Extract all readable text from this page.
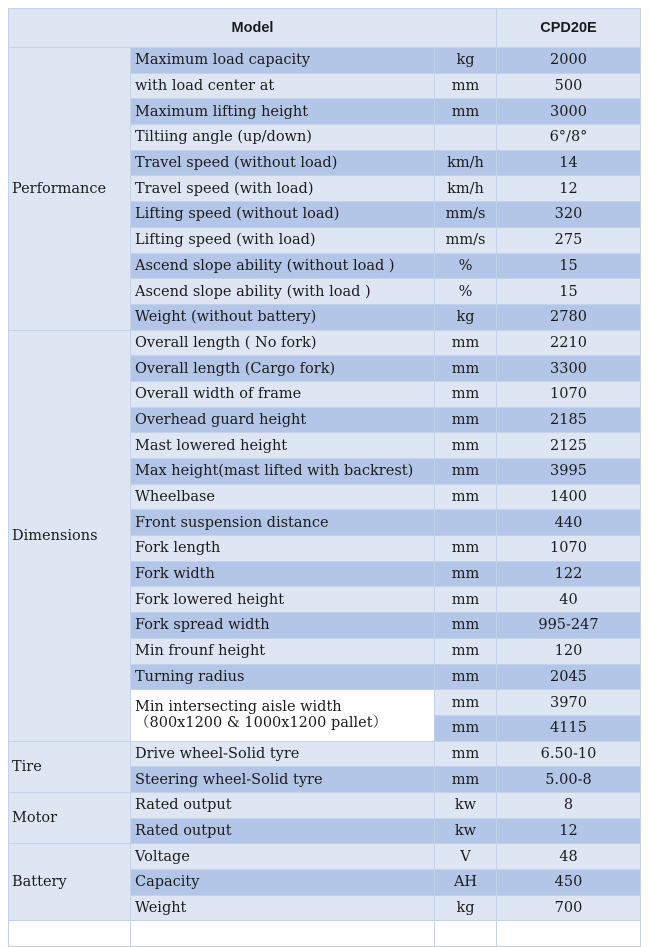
Model			CPD20E
Performance	Maximum load capacity	kg	2000
	with load center at	mm	500
	Maximum lifting height	mm	3000
	Tiltiing angle (up/down)		6°/8°
	Travel speed (without load)	km/h	14
	Travel speed (with load)	km/h	12
	Lifting speed (without load)	mm/s	320
	Lifting speed (with load)	mm/s	275
	Ascend slope ability (without load )	%	15
	Ascend slope ability (with load )	%	15
	Weight (without battery)	kg	2780
Dimensions	Overall length ( No fork)	mm	2210
	Overall length (Cargo fork)	mm	3300
	Overall width of frame	mm	1070
	Overhead guard height	mm	2185
	Mast lowered height	mm	2125
	Max height(mast lifted with backrest)	mm	3995
	Wheelbase	mm	1400
	Front suspension distance		440
	Fork length	mm	1070
	Fork width	mm	122
	Fork lowered height	mm	40
	Fork spread width	mm	995-247
	Min frounf height	mm	120
	Turning radius	mm	2045

	Min intersecting aisle width
（800x1200 & 1000x1200 pallet）	mm	3970
		mm	4115
Tire	Drive wheel-Solid tyre	mm	6.50-10
	Steering wheel-Solid tyre	mm	5.00-8
Motor	Rated output	kw	8
	Rated output	kw	12
Battery	Voltage	V	48
	Capacity	AH	450
	Weight	kg	700
